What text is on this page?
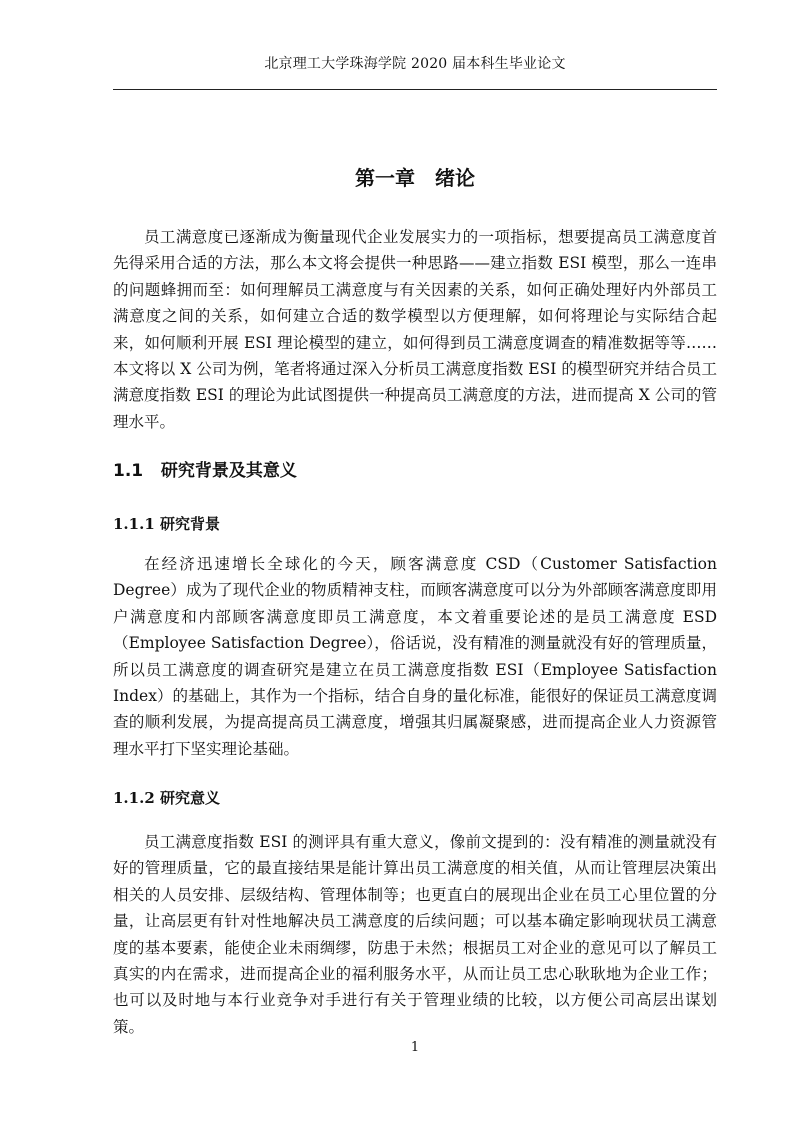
北京理工大学珠海学院 2020 届本科生毕业论文
第一章　绪论

员工满意度已逐渐成为衡量现代企业发展实力的一项指标，想要提高员工满意度首先得采用合适的方法，那么本文将会提供一种思路——建立指数 ESI 模型，那么一连串的问题蜂拥而至：如何理解员工满意度与有关因素的关系，如何正确处理好内外部员工满意度之间的关系，如何建立合适的数学模型以方便理解，如何将理论与实际结合起来，如何顺利开展 ESI 理论模型的建立，如何得到员工满意度调查的精准数据等等……本文将以 X 公司为例，笔者将通过深入分析员工满意度指数 ESI 的模型研究并结合员工满意度指数 ESI 的理论为此试图提供一种提高员工满意度的方法，进而提高 X 公司的管理水平。

1.1   研究背景及其意义
1.1.1 研究背景

在经济迅速增长全球化的今天，顾客满意度 CSD（Customer Satisfaction Degree）成为了现代企业的物质精神支柱，而顾客满意度可以分为外部顾客满意度即用户满意度和内部顾客满意度即员工满意度，本文着重要论述的是员工满意度 ESD（Employee Satisfaction Degree），俗话说，没有精准的测量就没有好的管理质量，所以员工满意度的调查研究是建立在员工满意度指数 ESI（Employee Satisfaction Index）的基础上，其作为一个指标，结合自身的量化标准，能很好的保证员工满意度调查的顺利发展，为提高提高员工满意度，增强其归属凝聚感，进而提高企业人力资源管理水平打下坚实理论基础。

1.1.2 研究意义

员工满意度指数 ESI 的测评具有重大意义，像前文提到的：没有精准的测量就没有好的管理质量，它的最直接结果是能计算出员工满意度的相关值，从而让管理层决策出相关的人员安排、层级结构、管理体制等；也更直白的展现出企业在员工心里位置的分量，让高层更有针对性地解决员工满意度的后续问题；可以基本确定影响现状员工满意度的基本要素，能使企业未雨绸缪，防患于未然；根据员工对企业的意见可以了解员工真实的内在需求，进而提高企业的福利服务水平，从而让员工忠心耿耿地为企业工作；也可以及时地与本行业竞争对手进行有关于管理业绩的比较，以方便公司高层出谋划策。

1
